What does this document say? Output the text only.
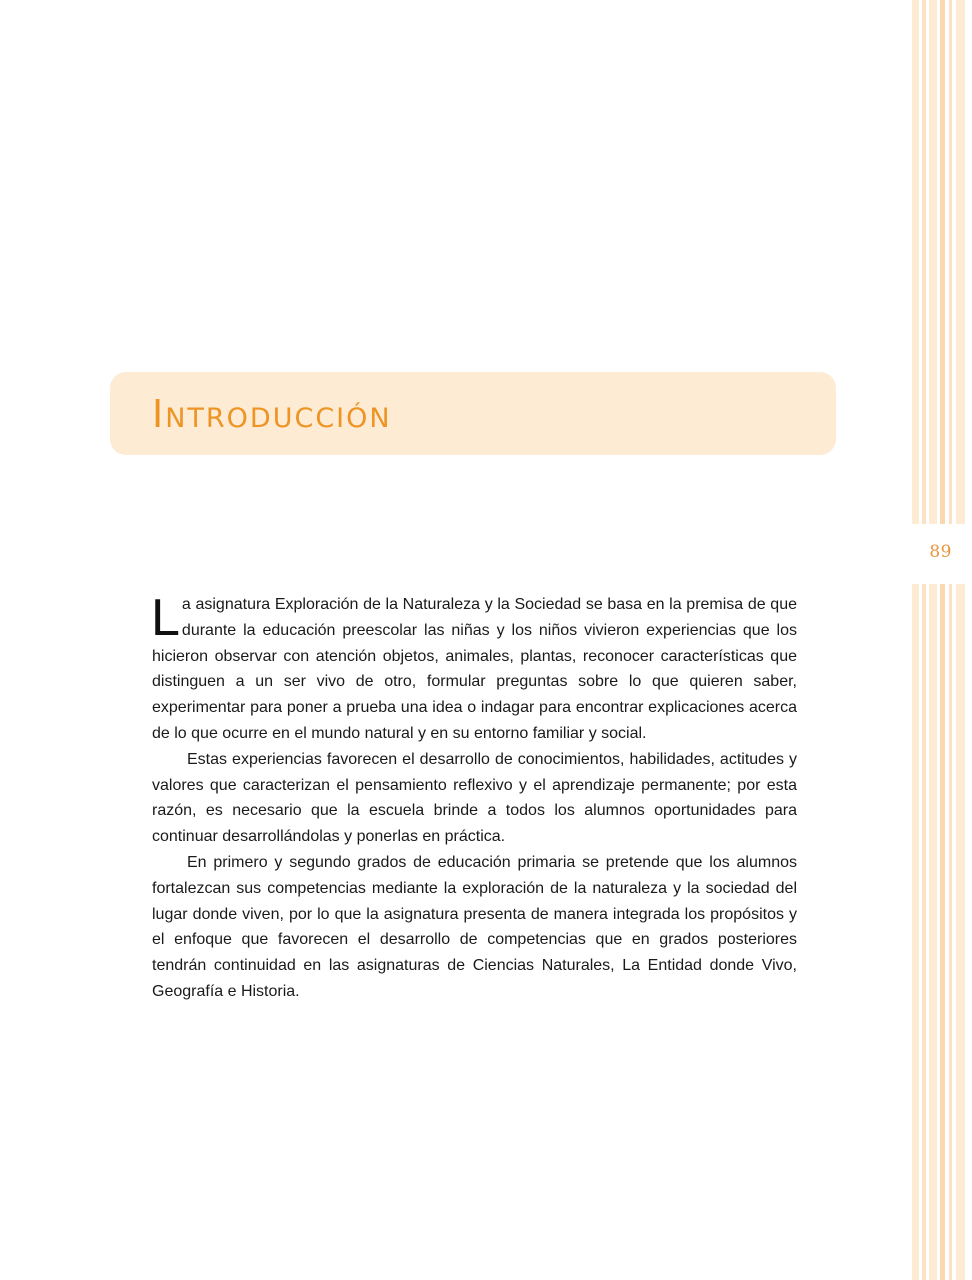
89
Introducción

La asignatura Exploración de la Naturaleza y la Sociedad se basa en la premisa de que durante la educación preescolar las niñas y los niños vivieron experiencias que los hicieron observar con atención objetos, animales, plantas, reconocer características que distinguen a un ser vivo de otro, formular preguntas sobre lo que quieren saber, experimentar para poner a prueba una idea o indagar para encontrar explicaciones acerca de lo que ocurre en el mundo natural y en su entorno familiar y social.

Estas experiencias favorecen el desarrollo de conocimientos, habilidades, actitudes y valores que caracterizan el pensamiento reflexivo y el aprendizaje permanente; por esta razón, es necesario que la escuela brinde a todos los alumnos oportunidades para continuar desarrollándolas y ponerlas en práctica.

En primero y segundo grados de educación primaria se pretende que los alumnos fortalezcan sus competencias mediante la exploración de la naturaleza y la sociedad del lugar donde viven, por lo que la asignatura presenta de manera integrada los propósitos y el enfoque que favorecen el desarrollo de competencias que en grados posteriores tendrán continuidad en las asignaturas de Ciencias Naturales, La Entidad donde Vivo, Geografía e Historia.
